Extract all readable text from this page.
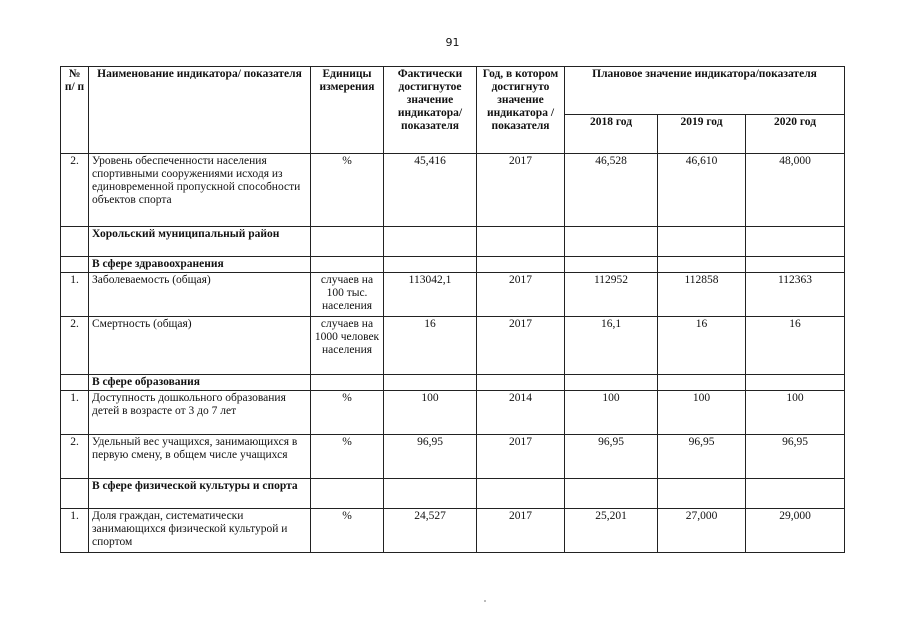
91
№ п/ п	Наименование индикатора/ показателя	Единицы измерения	Фактически достигнутое значение индикатора/ показателя	Год, в котором достигнуто значение индикатора /показателя	Плановое значение индикатора/показателя		
					2018 год	2019 год	2020 год
2.	Уровень обеспеченности населения спортивными сооружениями исходя из единовременной пропускной способности объектов спорта	%	45,416	2017	46,528	46,610	48,000
	Хорольский муниципальный район						
	В сфере здравоохранения						
1.	Заболеваемость (общая)	случаев на 100 тыс. населения	113042,1	2017	112952	112858	112363
2.	Смертность (общая)	случаев на 1000 человек населения	16	2017	16,1	16	16
	В сфере образования						
1.	Доступность дошкольного образования детей в возрасте от 3 до 7 лет	%	100	2014	100	100	100
2.	Удельный вес учащихся, занимающихся в первую смену, в общем числе учащихся	%	96,95	2017	96,95	96,95	96,95
	В сфере физической культуры и спорта						
1.	Доля граждан, систематически занимающихся физической культурой и спортом	%	24,527	2017	25,201	27,000	29,000
